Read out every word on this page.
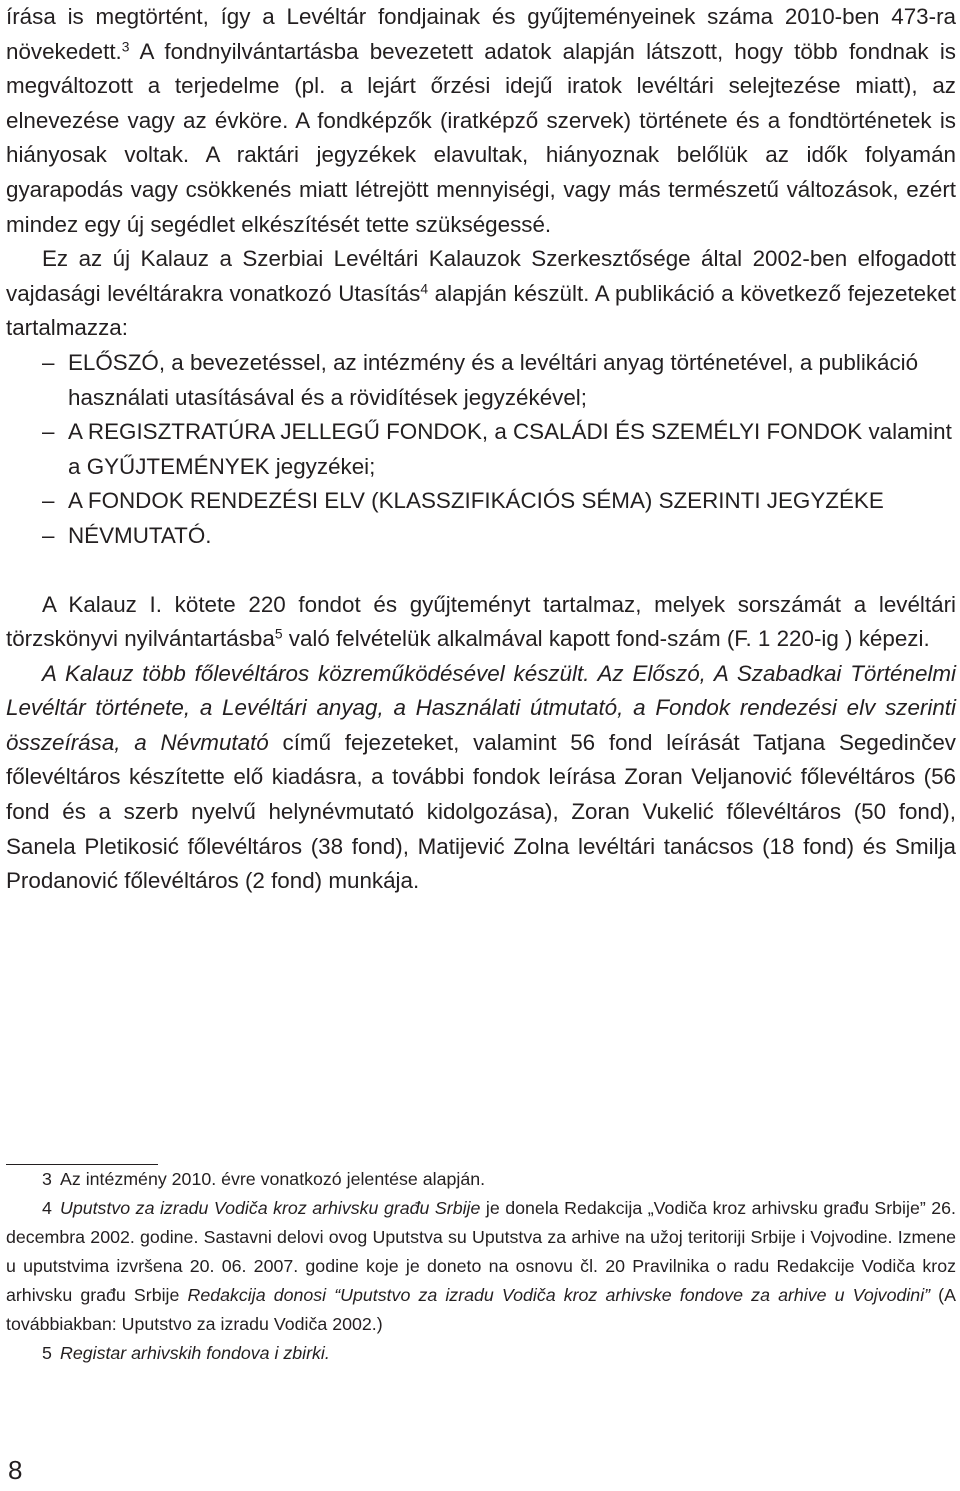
írása is megtörtént, így a Levéltár fondjainak és gyűjteményeinek száma 2010-ben 473-ra növekedett.$^3$ A fondnyilvántartásba bevezetett adatok alapján látszott, hogy több fondnak is megváltozott a terjedelme (pl. a lejárt őrzési idejű iratok levéltári selejtezése miatt), az elnevezése vagy az évköre. A fondképzők (iratképző szervek) története és a fondtörténetek is hiányosak voltak. A raktári jegyzékek elavultak, hiányoznak belőlük az idők folyamán gyarapodás vagy csökkenés miatt létrejött mennyiségi, vagy más természetű változások, ezért mindez egy új segédlet elkészítését tette szükségessé.

Ez az új Kalauz a Szerbiai Levéltári Kalauzok Szerkesztősége által 2002-ben elfogadott vajdasági levéltárakra vonatkozó Utasítás$^4$ alapján készült. A publikáció a következő fejezeteket tartalmazza:

– ELŐSZÓ, a bevezetéssel, az intézmény és a levéltári anyag történetével, a publikáció használati utasításával és a rövidítések jegyzékével;
– A REGISZTRATÚRA JELLEGŰ FONDOK, a CSALÁDI ÉS SZEMÉLYI FONDOK valamint a GYŰJTEMÉNYEK jegyzékei;
– A FONDOK RENDEZÉSI ELV (KLASSZIFIKÁCIÓS SÉMA) SZERINTI JEGYZÉKE
– NÉVMUTATÓ.

A Kalauz I. kötete 220 fondot és gyűjteményt tartalmaz, melyek sorszámát a levéltári törzskönyvi nyilvántartásba$^5$ való felvételük alkalmával kapott fond-szám (F. 1 220-ig ) képezi.

A Kalauz több főlevéltáros közreműködésével készült. Az Előszó, A Szabadkai Történelmi Levéltár története, a Levéltári anyag, a Használati útmutató, a Fondok rendezési elv szerinti összeírása, a Névmutató című fejezeteket, valamint 56 fond leírását Tatjana Segedinčev főlevéltáros készítette elő kiadásra, a további fondok leírása Zoran Veljanović főlevéltáros (56 fond és a szerb nyelvű helynévmutató kidolgozása), Zoran Vukelić főlevéltáros (50 fond), Sanela Pletikosić főlevéltáros (38 fond), Matijević Zolna levéltári tanácsos (18 fond) és Smilja Prodanović főlevéltáros (2 fond) munkája.

3 Az intézmény 2010. évre vonatkozó jelentése alapján.

4 Uputstvo za izradu Vodiča kroz arhivsku građu Srbije je donela Redakcija „Vodiča kroz arhivsku građu Srbije” 26. decembra 2002. godine. Sastavni delovi ovog Uputstva su Uputstva za arhive na užoj teritoriji Srbije i Vojvodine. Izmene u uputstvima izvršena 20. 06. 2007. godine koje je doneto na osnovu čl. 20 Pravilnika o radu Redakcije Vodiča kroz arhivsku građu Srbije Redakcija donosi “Uputstvo za izradu Vodiča kroz arhivske fondove za arhive u Vojvodini” (A továbbiakban: Uputstvo za izradu Vodiča 2002.)

5 Registar arhivskih fondova i zbirki.

8
